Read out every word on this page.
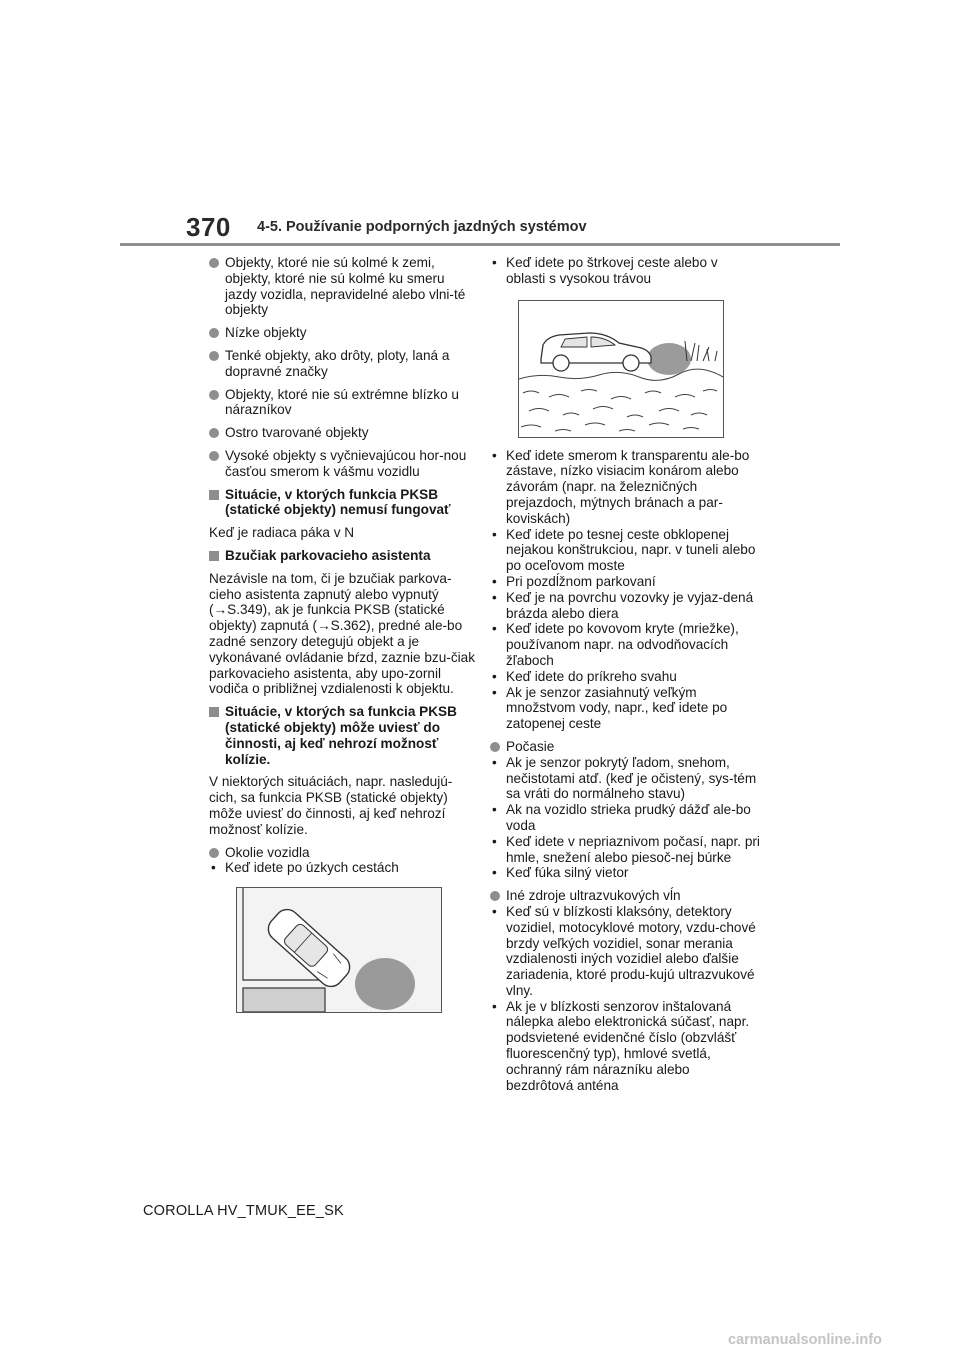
370 4-5. Používanie podporných jazdných systémov
Objekty, ktoré nie sú kolmé k zemi, objekty, ktoré nie sú kolmé ku smeru jazdy vozidla, nepravidelné alebo vlni-té objekty
Nízke objekty
Tenké objekty, ako drôty, ploty, laná a dopravné značky
Objekty, ktoré nie sú extrémne blízko u nárazníkov
Ostro tvarované objekty
Vysoké objekty s vyčnievajúcou hor-nou časťou smerom k vášmu vozidlu
Situácie, v ktorých funkcia PKSB (statické objekty) nemusí fungovať
Keď je radiaca páka v N
Bzučiak parkovacieho asistenta
Nezávisle na tom, či je bzučiak parkova-cieho asistenta zapnutý alebo vypnutý (→S.349), ak je funkcia PKSB (statické objekty) zapnutá (→S.362), predné ale-bo zadné senzory detegujú objekt a je vykonávané ovládanie bŕzd, zaznie bzu-čiak parkovacieho asistenta, aby upo-zornil vodiča o približnej vzdialenosti k objektu.
Situácie, v ktorých sa funkcia PKSB (statické objekty) môže uviesť do činnosti, aj keď nehrozí možnosť kolízie.
V niektorých situáciách, napr. nasledujú-cich, sa funkcia PKSB (statické objekty) môže uviesť do činnosti, aj keď nehrozí možnosť kolízie.
Okolie vozidla
• Keď idete po úzkych cestách
• Keď idete po štrkovej ceste alebo v oblasti s vysokou trávou
• Keď idete smerom k transparentu ale-bo zástave, nízko visiacim konárom alebo závorám (napr. na železničných prejazdoch, mýtnych bránach a par-koviskách)
• Keď idete po tesnej ceste obklopenej nejakou konštrukciou, napr. v tuneli alebo po oceľovom moste
• Pri pozdĺžnom parkovaní
• Keď je na povrchu vozovky je vyjaz-dená brázda alebo diera
• Keď idete po kovovom kryte (mriežke), používanom napr. na odvodňovacích žľaboch
• Keď idete do príkreho svahu
• Ak je senzor zasiahnutý veľkým množstvom vody, napr., keď idete po zatopenej ceste
Počasie
• Ak je senzor pokrytý ľadom, snehom, nečistotami atď. (keď je očistený, sys-tém sa vráti do normálneho stavu)
• Ak na vozidlo strieka prudký dážď ale-bo voda
• Keď idete v nepriaznivom počasí, napr. pri hmle, snežení alebo piesoč-nej búrke
• Keď fúka silný vietor
Iné zdroje ultrazvukových vĺn
• Keď sú v blízkosti klaksóny, detektory vozidiel, motocyklové motory, vzdu-chové brzdy veľkých vozidiel, sonar merania vzdialenosti iných vozidiel alebo ďalšie zariadenia, ktoré produ-kujú ultrazvukové vlny.
• Ak je v blízkosti senzorov inštalovaná nálepka alebo elektronická súčasť, napr. podsvietené evidenčné číslo (obzvlášť fluorescenčný typ), hmlové svetlá, ochranný rám nárazníku alebo bezdrôtová anténa
COROLLA HV_TMUK_EE_SK
carmanualsonline.info
